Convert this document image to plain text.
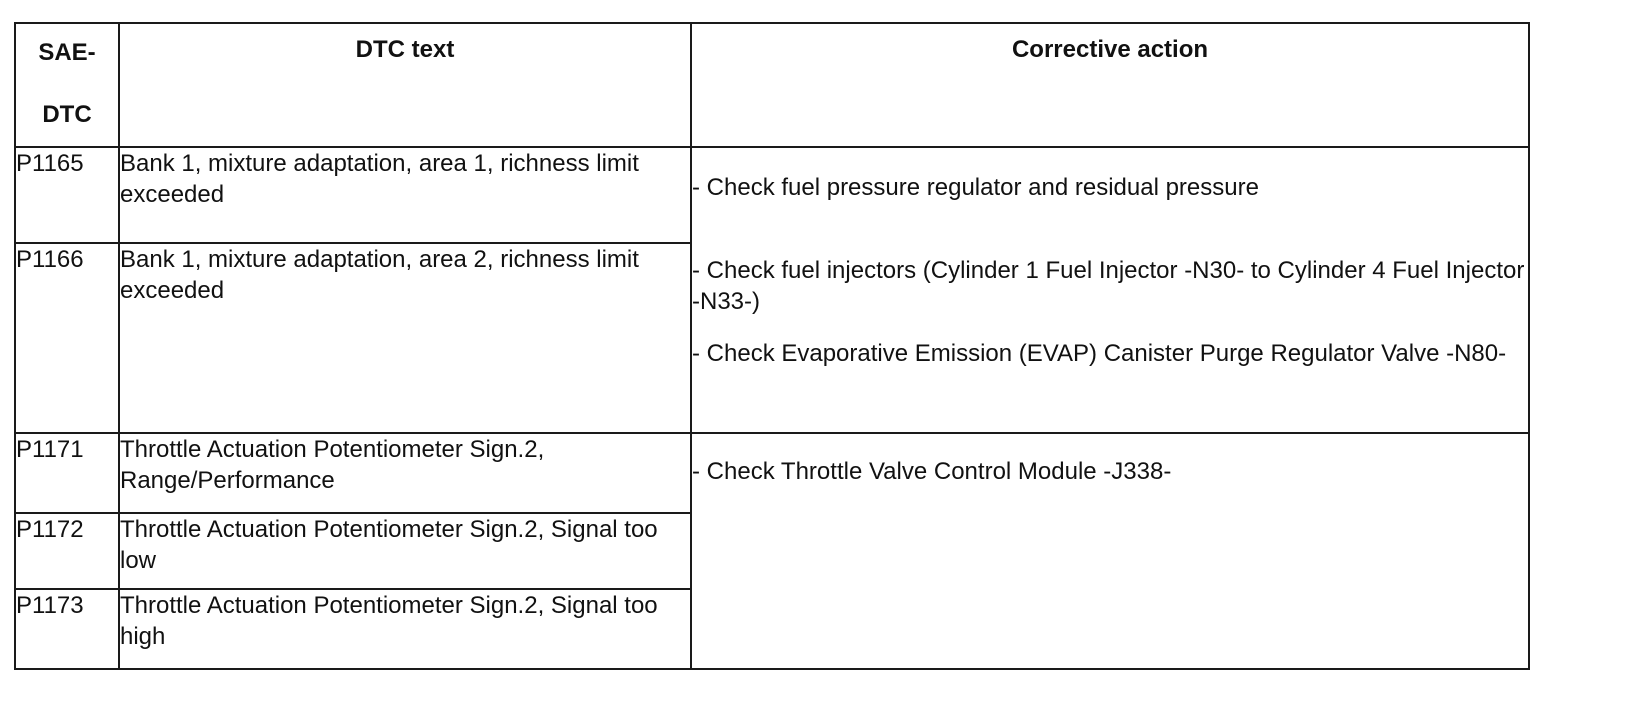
SAE-
DTC	DTC text	Corrective action

P1165	Bank 1, mixture adaptation, area 1, richness limit exceeded	- Check fuel pressure regulator and residual pressure

- Check fuel injectors (Cylinder 1 Fuel Injector -N30- to Cylinder 4 Fuel Injector -N33-)

- Check Evaporative Emission (EVAP) Canister Purge Regulator Valve -N80-

P1166	Bank 1, mixture adaptation, area 2, richness limit exceeded	
P1171	Throttle Actuation Potentiometer Sign.2, Range/Performance	- Check Throttle Valve Control Module -J338-

P1172	Throttle Actuation Potentiometer Sign.2, Signal too low	
P1173	Throttle Actuation Potentiometer Sign.2, Signal too high	
